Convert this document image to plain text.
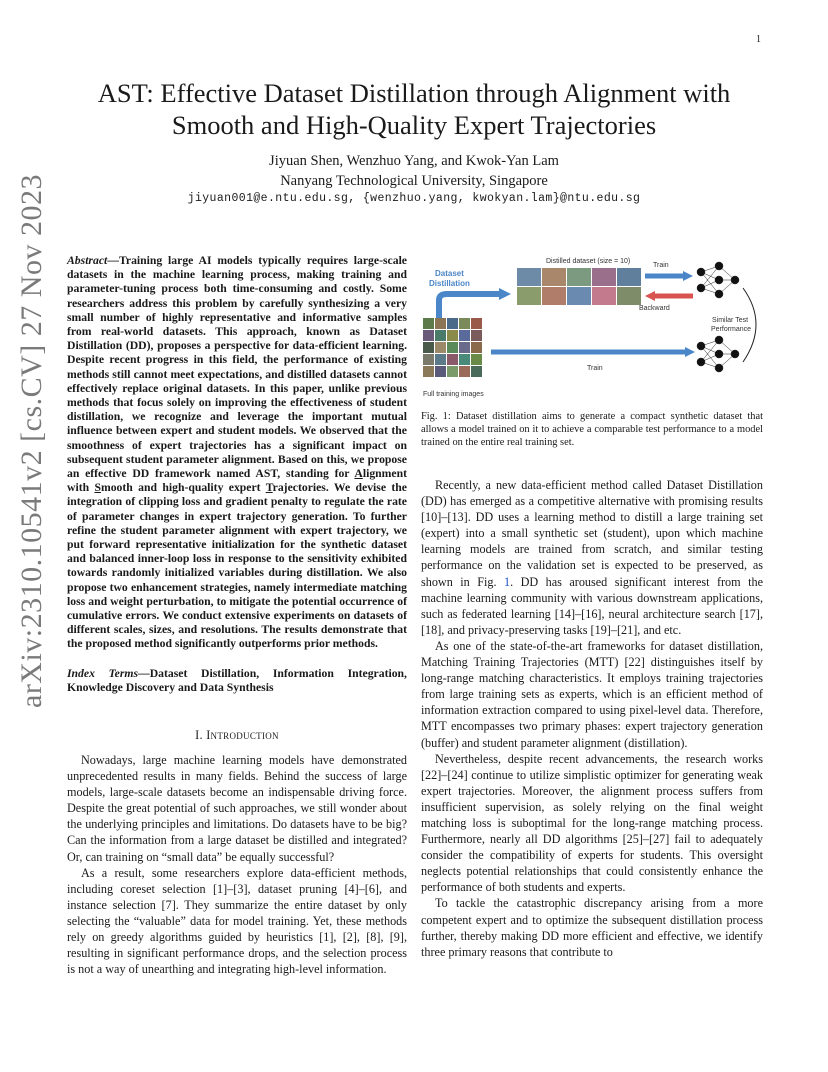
1
arXiv:2310.10541v2 [cs.CV] 27 Nov 2023
AST: Effective Dataset Distillation through Alignment with Smooth and High-Quality Expert Trajectories
Jiyuan Shen, Wenzhuo Yang, and Kwok-Yan Lam
Nanyang Technological University, Singapore
jiyuan001@e.ntu.edu.sg, {wenzhuo.yang, kwokyan.lam}@ntu.edu.sg
Abstract—Training large AI models typically requires large-scale datasets in the machine learning process, making training and parameter-tuning process both time-consuming and costly. Some researchers address this problem by carefully synthesizing a very small number of highly representative and informative samples from real-world datasets. This approach, known as Dataset Distillation (DD), proposes a perspective for data-efficient learning. Despite recent progress in this field, the performance of existing methods still cannot meet expectations, and distilled datasets cannot effectively replace original datasets. In this paper, unlike previous methods that focus solely on improving the effectiveness of student distillation, we recognize and leverage the important mutual influence between expert and student models. We observed that the smoothness of expert trajectories has a significant impact on subsequent student parameter alignment. Based on this, we propose an effective DD framework named AST, standing for Alignment with Smooth and high-quality expert Trajectories. We devise the integration of clipping loss and gradient penalty to regulate the rate of parameter changes in expert trajectory generation. To further refine the student parameter alignment with expert trajectory, we put forward representative initialization for the synthetic dataset and balanced inner-loop loss in response to the sensitivity exhibited towards randomly initialized variables during distillation. We also propose two enhancement strategies, namely intermediate matching loss and weight perturbation, to mitigate the potential occurrence of cumulative errors. We conduct extensive experiments on datasets of different scales, sizes, and resolutions. The results demonstrate that the proposed method significantly outperforms prior methods.
Index Terms—Dataset Distillation, Information Integration, Knowledge Discovery and Data Synthesis
I. Introduction

Nowadays, large machine learning models have demonstrated unprecedented results in many fields. Behind the success of large models, large-scale datasets become an indispensable driving force. Despite the great potential of such approaches, we still wonder about the underlying principles and limitations. Do datasets have to be big? Can the information from a large dataset be distilled and integrated? Or, can training on “small data” be equally successful?

As a result, some researchers explore data-efficient methods, including coreset selection [1]–[3], dataset pruning [4]–[6], and instance selection [7]. They summarize the entire dataset by only selecting the “valuable” data for model training. Yet, these methods rely on greedy algorithms guided by heuristics [1], [2], [8], [9], resulting in significant performance drops, and the selection process is not a way of unearthing and integrating high-level information.

Distilled dataset (size = 10)
Dataset
Distillation
Train
Backward
Similar Test
Performance
Full training images
Train
Fig. 1: Dataset distillation aims to generate a compact synthetic dataset that allows a model trained on it to achieve a comparable test performance to a model trained on the entire real training set.

Recently, a new data-efficient method called Dataset Distillation (DD) has emerged as a competitive alternative with promising results [10]–[13]. DD uses a learning method to distill a large training set (expert) into a small synthetic set (student), upon which machine learning models are trained from scratch, and similar testing performance on the validation set is expected to be preserved, as shown in Fig. 1. DD has aroused significant interest from the machine learning community with various downstream applications, such as federated learning [14]–[16], neural architecture search [17], [18], and privacy-preserving tasks [19]–[21], and etc.

As one of the state-of-the-art frameworks for dataset distillation, Matching Training Trajectories (MTT) [22] distinguishes itself by long-range matching characteristics. It employs training trajectories from large training sets as experts, which is an efficient method of information extraction compared to using pixel-level data. Therefore, MTT encompasses two primary phases: expert trajectory generation (buffer) and student parameter alignment (distillation).

Nevertheless, despite recent advancements, the research works [22]–[24] continue to utilize simplistic optimizer for generating weak expert trajectories. Moreover, the alignment process suffers from insufficient supervision, as solely relying on the final weight matching loss is suboptimal for the long-range matching process. Furthermore, nearly all DD algorithms [25]–[27] fail to adequately consider the compatibility of experts for students. This oversight neglects potential relationships that could consistently enhance the performance of both students and experts.

To tackle the catastrophic discrepancy arising from a more competent expert and to optimize the subsequent distillation process further, thereby making DD more efficient and effective, we identify three primary reasons that contribute to
